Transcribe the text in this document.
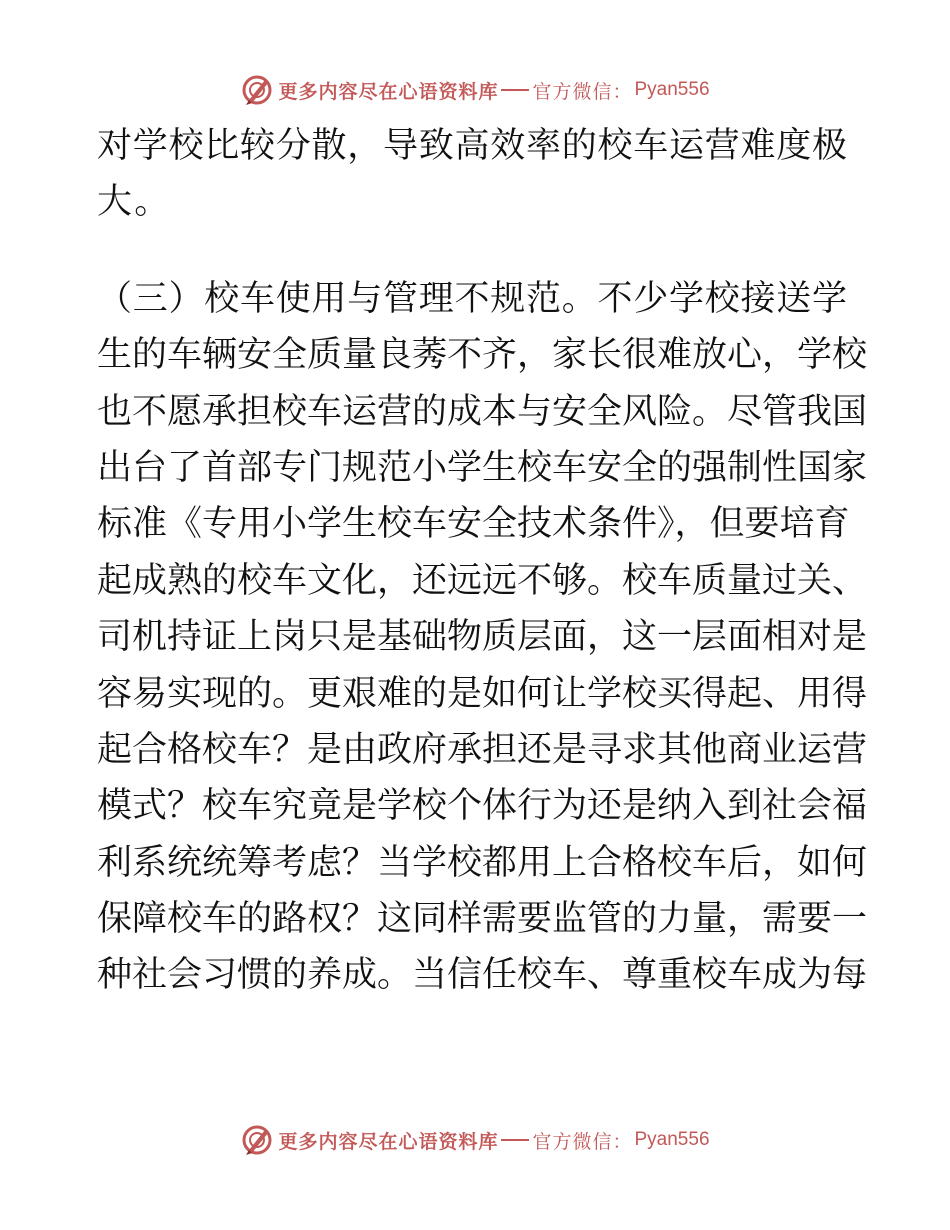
更多内容尽在心语资料库 官方微信： Pyan556
对学校比较分散，导致高效率的校车运营难度极
大。
（三）校车使用与管理不规范。不少学校接送学
生的车辆安全质量良莠不齐，家长很难放心，学校
也不愿承担校车运营的成本与安全风险。尽管我国
出台了首部专门规范小学生校车安全的强制性国家
标准《专用小学生校车安全技术条件》，但要培育
起成熟的校车文化，还远远不够。校车质量过关、
司机持证上岗只是基础物质层面，这一层面相对是
容易实现的。更艰难的是如何让学校买得起、用得
起合格校车？是由政府承担还是寻求其他商业运营
模式？校车究竟是学校个体行为还是纳入到社会福
利系统统筹考虑？当学校都用上合格校车后，如何
保障校车的路权？这同样需要监管的力量，需要一
种社会习惯的养成。当信任校车、尊重校车成为每
更多内容尽在心语资料库 官方微信： Pyan556
